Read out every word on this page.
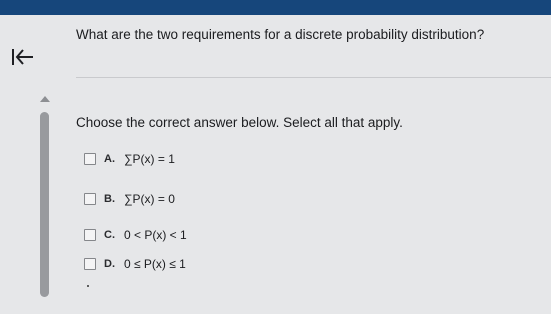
What are the two requirements for a discrete probability distribution?
Choose the correct answer below. Select all that apply.
A. ∑P(x) = 1
B. ∑P(x) = 0
C. 0 < P(x) < 1
D. 0 ≤ P(x) ≤ 1
